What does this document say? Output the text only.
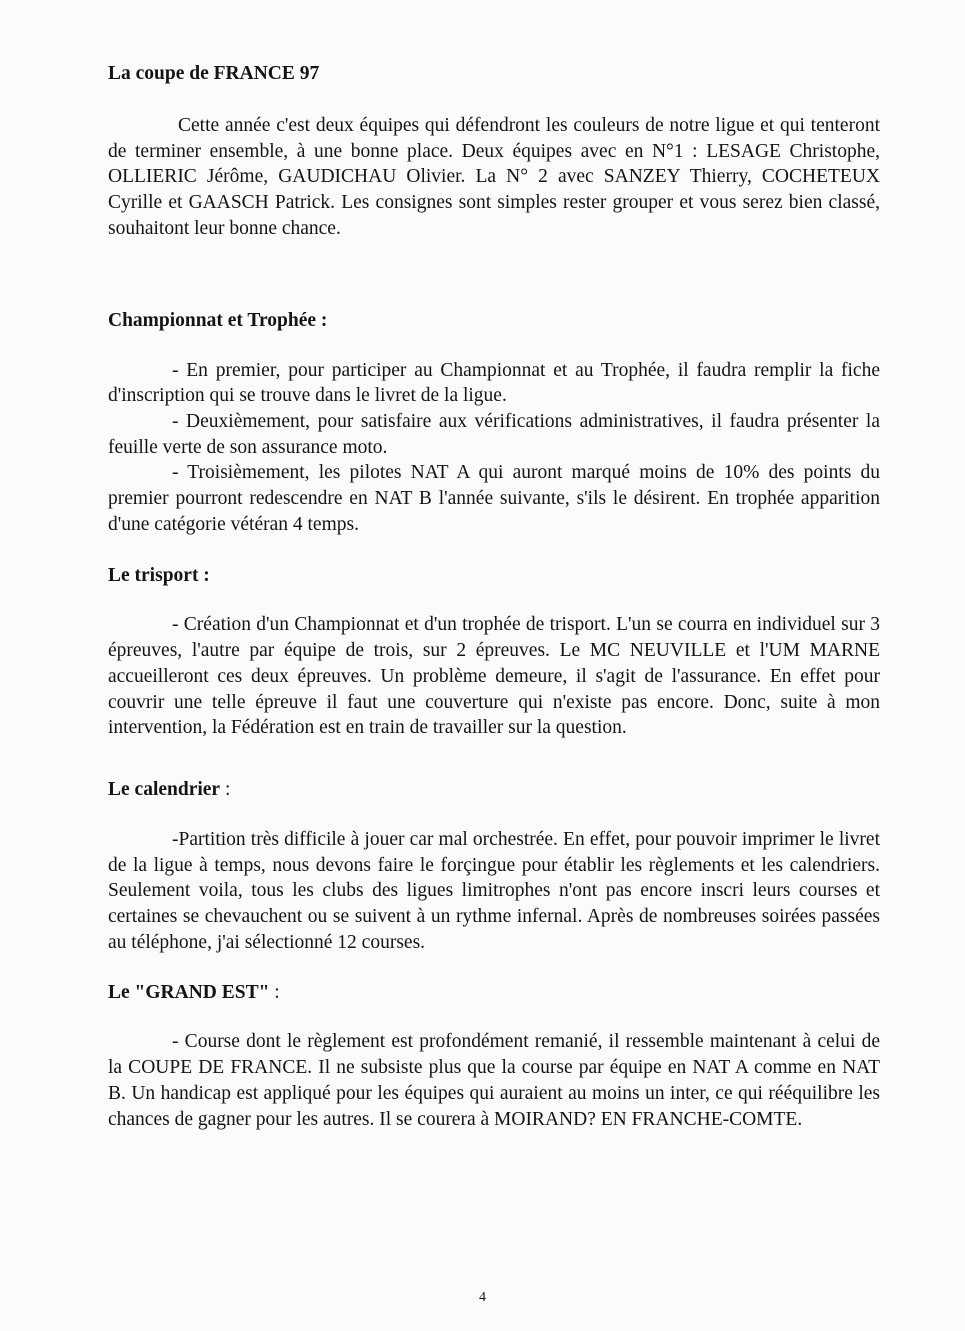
La coupe de FRANCE 97

Cette année c'est deux équipes qui défendront les couleurs de notre ligue et qui tenteront de terminer ensemble, à une bonne place. Deux équipes avec en N°1 : LESAGE Christophe, OLLIERIC Jérôme, GAUDICHAU Olivier. La N° 2 avec SANZEY Thierry, COCHETEUX Cyrille et GAASCH Patrick. Les consignes sont simples rester grouper et vous serez bien classé, souhaitont leur bonne chance.

Championnat et Trophée :

- En premier, pour participer au Championnat et au Trophée, il faudra remplir la fiche d'inscription qui se trouve dans le livret de la ligue.

- Deuxièmement, pour satisfaire aux vérifications administratives, il faudra présenter la feuille verte de son assurance moto.

- Troisièmement, les pilotes NAT A qui auront marqué moins de 10% des points du premier pourront redescendre en NAT B l'année suivante, s'ils le désirent. En trophée apparition d'une catégorie vétéran 4 temps.

Le trisport :

- Création d'un Championnat et d'un trophée de trisport. L'un se courra en individuel sur 3 épreuves, l'autre par équipe de trois, sur 2 épreuves. Le MC NEUVILLE et l'UM MARNE accueilleront ces deux épreuves. Un problème demeure, il s'agit de l'assurance. En effet pour couvrir une telle épreuve il faut une couverture qui n'existe pas encore. Donc, suite à mon intervention, la Fédération est en train de travailler sur la question.

Le calendrier :

-Partition très difficile à jouer car mal orchestrée. En effet, pour pouvoir imprimer le livret de la ligue à temps, nous devons faire le forçingue pour établir les règlements et les calendriers. Seulement voila, tous les clubs des ligues limitrophes n'ont pas encore inscri leurs courses et certaines se chevauchent ou se suivent à un rythme infernal. Après de nombreuses soirées passées au téléphone, j'ai sélectionné 12 courses.

Le "GRAND EST" :

- Course dont le règlement est profondément remanié, il ressemble maintenant à celui de la COUPE DE FRANCE. Il ne subsiste plus que la course par équipe en NAT A comme en NAT B. Un handicap est appliqué pour les équipes qui auraient au moins un inter, ce qui rééquilibre les chances de gagner pour les autres. Il se courera à MOIRAND? EN FRANCHE-COMTE.

4
